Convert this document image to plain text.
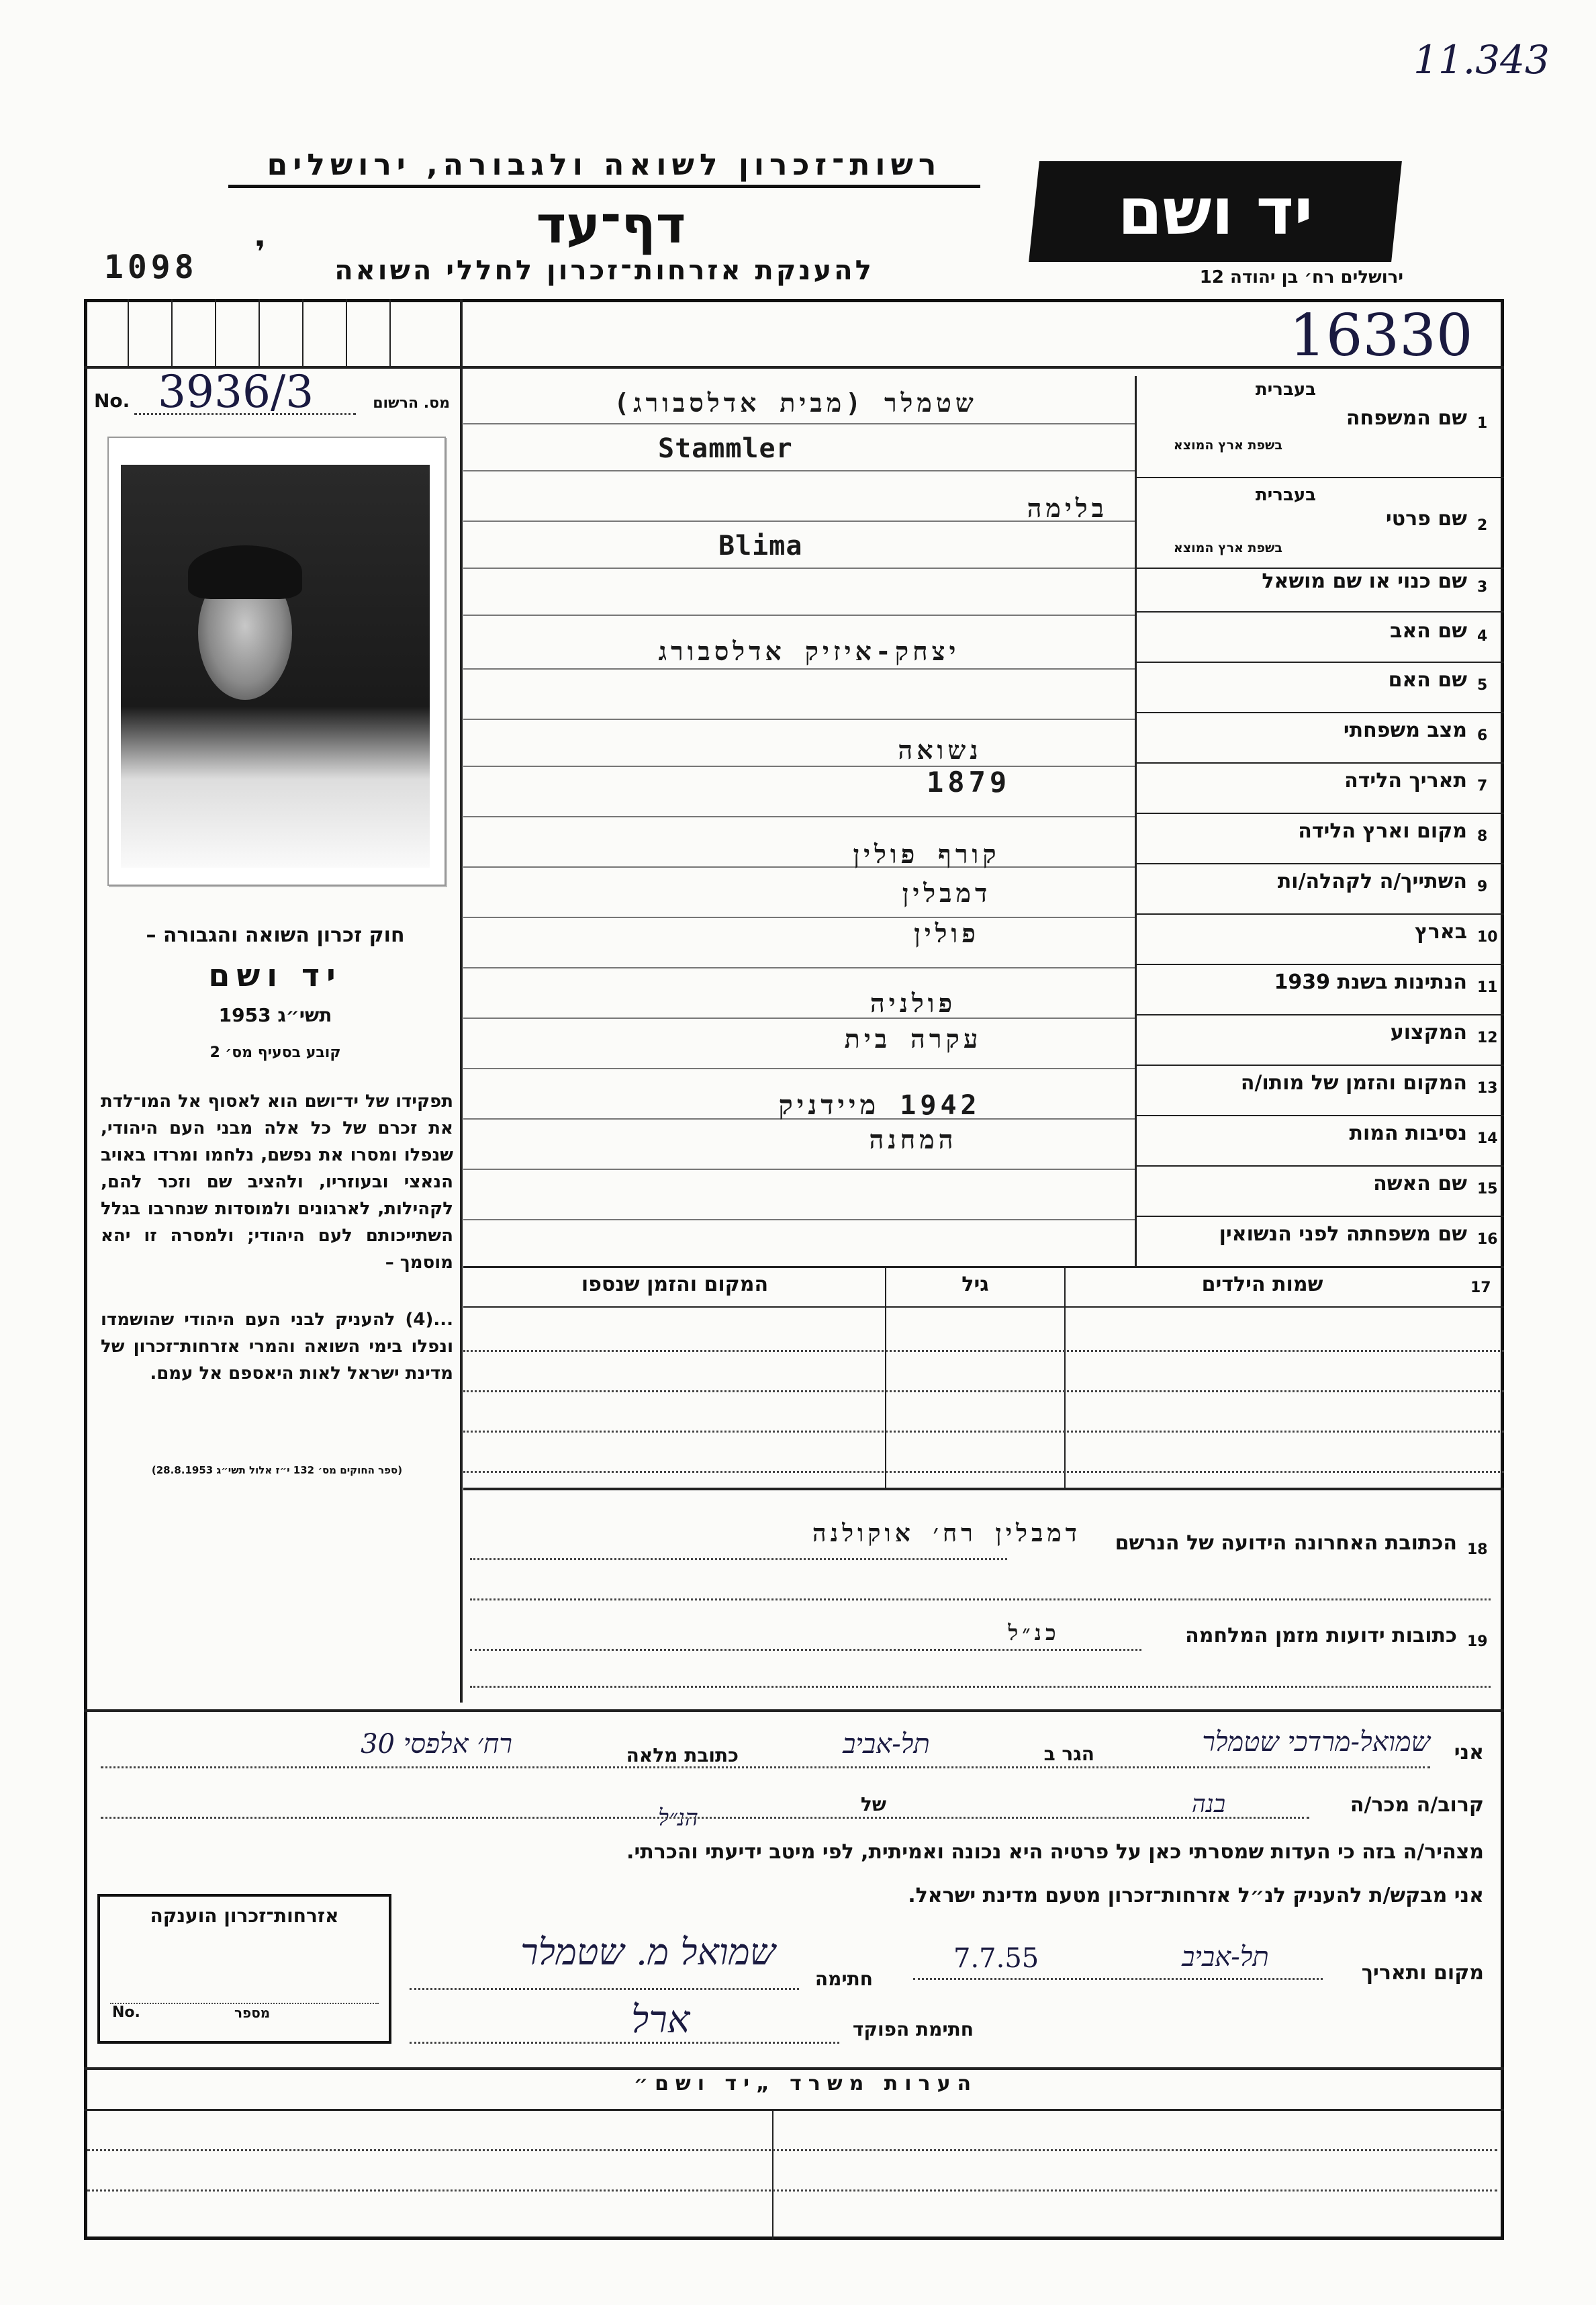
11.343
רשות־זכרון לשואה ולגבורה, ירושלים
דף־עד
להענקת אזרחות־זכרון לחללי השואה
1098 ❜
יד ושם
ירושלים רח׳ בן יהודה 12
16330
No. 3936/3	מס. הרשום
חוק זכרון השואה והגבורה –
יד ושם
תשי״ג 1953
קובע בסעיף מס׳ 2
תפקידו של יד־ושם הוא לאסוף אל המו־לדת את זכרם של כל אלה מבני העם היהודי, שנפלו ומסרו את נפשם, נלחמו ומרדו באויב הנאצי ובעוזריו, ולהציב שם וזכר להם, לקהילות, לארגונים ולמוסדות שנחרבו בגלל השתייכותם לעם היהודי; ולמסרה זו יהא מוסמך –
...(4) להעניק לבני העם היהודי שהושמדו ונפלו בימי השואה והמרי אזרחות־זכרון של מדינת ישראל לאות היאספם אל עמם.
(ספר החוקים מס׳ 132 י״ז אלול תשי״ג 28.8.1953)
בעברית
1
שם המשפחה
בשפת ארץ המוצא
שטמלר (מבית אדלסבורג)
Stammler
בעברית
2
שם פרטי
בשפת ארץ המוצא
בלימה
Blima
3
שם כנוי או שם מושאל
4
שם האב
יצחק-איזיק אדלסבורג
5
שם האם
6
מצב משפחתי
נשואה
7
תאריך הלידה
1879
8
מקום וארץ הלידה
קורף פולין
9
השתייך/ה לקהלה/ות
דמבלין
10
בארץ
פולין
11
הנתינות בשנת 1939
פולניה
12
המקצוע
עקרה בית
13
המקום והזמן של מותו/ה
1942 מיידניק
14
נסיבות המות
המחנה
15
שם האשה
16
שם משפחתה לפני הנשואין
17
שמות הילדים
גיל
המקום והזמן שנספו
18
הכתובת האחרונה הידועה של הנרשם
דמבלין רח׳ אוקולנה
19
כתובות ידועות מזמן המלחמה
כנ״ל
אני
שמואל-מרדכי שטמלר
הגר ב
תל-אביב
כתובת מלאה
רח׳ אלפסי 30
קרוב/ה מכר/ה
בנה
של
הנ״ל
מצהיר/ה בזה כי העדות שמסרתי כאן על פרטיה היא נכונה ואמיתית, לפי מיטב ידיעתי והכרתי.
אני מבקש/ת להעניק לנ״ל אזרחות־זכרון מטעם מדינת ישראל.
אזרחות־זכרון הוענקה
No.	מספר
מקום ותאריך
תל-אביב
7.7.55
חתימה
שמואל מ. שטמלר
חתימת הפוקד
ארל
הערות משרד „יד ושם״
